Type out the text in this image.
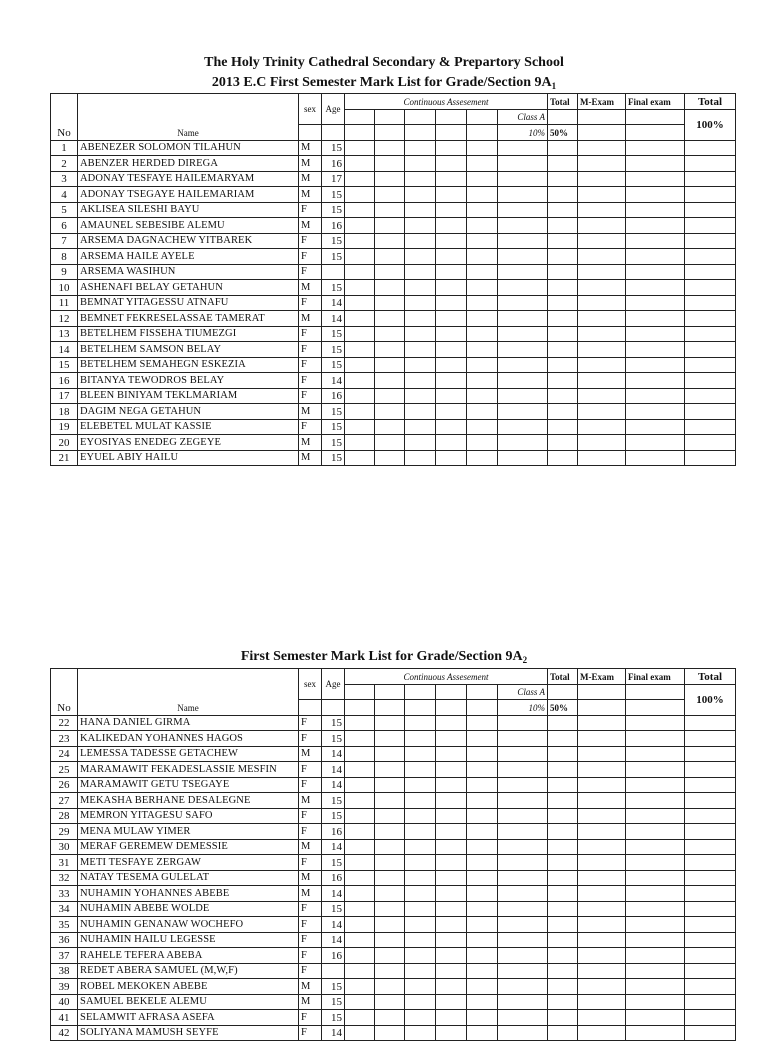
The Holy Trinity Cathedral Secondary & Prepartory School
2013 E.C First Semester Mark List for Grade/Section $9A_1$
No	Name	sex	Age	Continuous Assesement						Total	M-Exam	Final exam	Total
									Class A				100%
									10%	50%			
1	ABENEZER SOLOMON TILAHUN	M	15										
2	ABENZER HERDED DIREGA	M	16										
3	ADONAY TESFAYE HAILEMARYAM	M	17										
4	ADONAY TSEGAYE HAILEMARIAM	M	15										
5	AKLISEA SILESHI BAYU	F	15										
6	AMAUNEL SEBESIBE ALEMU	M	16										
7	ARSEMA DAGNACHEW YITBAREK	F	15										
8	ARSEMA HAILE AYELE	F	15										
9	ARSEMA WASIHUN	F											
10	ASHENAFI BELAY GETAHUN	M	15										
11	BEMNAT YITAGESSU ATNAFU	F	14										
12	BEMNET FEKRESELASSAE TAMERAT	M	14										
13	BETELHEM FISSEHA TIUMEZGI	F	15										
14	BETELHEM SAMSON BELAY	F	15										
15	BETELHEM SEMAHEGN ESKEZIA	F	15										
16	BITANYA TEWODROS BELAY	F	14										
17	BLEEN BINIYAM TEKLMARIAM	F	16										
18	DAGIM NEGA GETAHUN	M	15										
19	ELEBETEL MULAT KASSIE	F	15										
20	EYOSIYAS ENEDEG ZEGEYE	M	15										
21	EYUEL ABIY HAILU	M	15										
First Semester Mark List for Grade/Section $9A_2$
No	Name	sex	Age	Continuous Assesement						Total	M-Exam	Final exam	Total
									Class A				100%
									10%	50%			
22	HANA DANIEL GIRMA	F	15										
23	KALIKEDAN YOHANNES HAGOS	F	15										
24	LEMESSA TADESSE GETACHEW	M	14										
25	MARAMAWIT FEKADESLASSIE MESFIN	F	14										
26	MARAMAWIT GETU TSEGAYE	F	14										
27	MEKASHA BERHANE DESALEGNE	M	15										
28	MEMRON YITAGESU SAFO	F	15										
29	MENA MULAW YIMER	F	16										
30	MERAF GEREMEW DEMESSIE	M	14										
31	METI TESFAYE ZERGAW	F	15										
32	NATAY TESEMA GULELAT	M	16										
33	NUHAMIN YOHANNES ABEBE	M	14										
34	NUHAMIN ABEBE WOLDE	F	15										
35	NUHAMIN GENANAW WOCHEFO	F	14										
36	NUHAMIN HAILU LEGESSE	F	14										
37	RAHELE TEFERA ABEBA	F	16										
38	REDET ABERA SAMUEL (M,W,F)	F											
39	ROBEL MEKOKEN ABEBE	M	15										
40	SAMUEL BEKELE ALEMU	M	15										
41	SELAMWIT AFRASA ASEFA	F	15										
42	SOLIYANA MAMUSH SEYFE	F	14										
